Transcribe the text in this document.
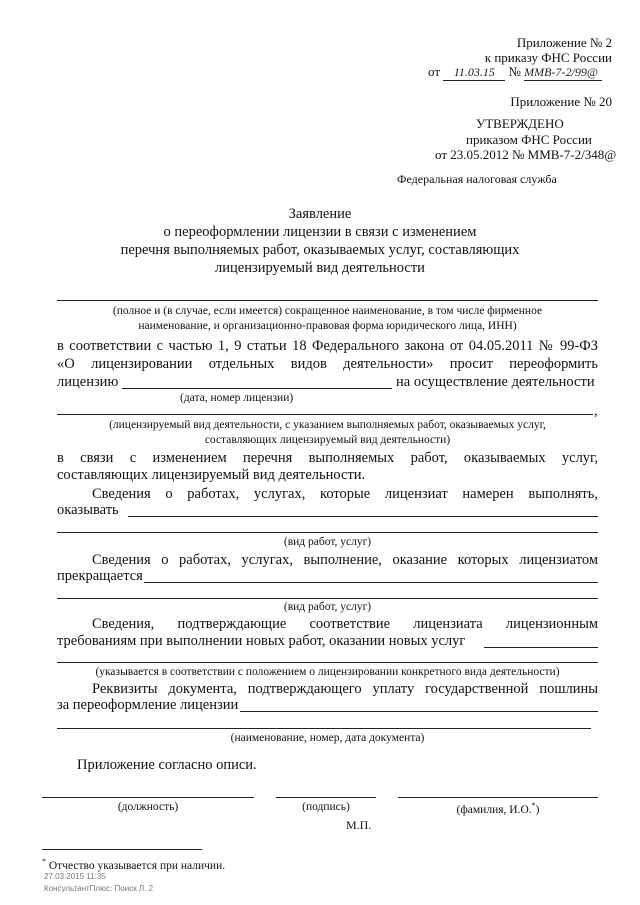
Приложение № 2
к приказу ФНС России
от 11.03.15 № ММВ-7-2/99@
Приложение № 20
УТВЕРЖДЕНО
приказом ФНС России
от 23.05.2012 № ММВ-7-2/348@
Федеральная налоговая служба
Заявление
о переоформлении лицензии в связи с изменением
перечня выполняемых работ, оказываемых услуг, составляющих
лицензируемый вид деятельности
(полное и (в случае, если имеется) сокращенное наименование, в том числе фирменное
наименование, и организационно-правовая форма юридического лица, ИНН)
в соответствии с частью 1, 9 статьи 18 Федерального закона от 04.05.2011 № 99-ФЗ
«О лицензировании отдельных видов деятельности» просит переоформить
лицензию	на осуществление деятельности
(дата, номер лицензии)
,
(лицензируемый вид деятельности, с указанием выполняемых работ, оказываемых услуг,
составляющих лицензируемый вид деятельности)
в связи с изменением перечня выполняемых работ, оказываемых услуг,
составляющих лицензируемый вид деятельности.
Сведения о работах, услугах, которые лицензиат намерен выполнять,
оказывать
(вид работ, услуг)
Сведения о работах, услугах, выполнение, оказание которых лицензиатом
прекращается
(вид работ, услуг)
Сведения, подтверждающие соответствие лицензиата лицензионным
требованиям при выполнении новых работ, оказании новых услуг
(указывается в соответствии с положением о лицензировании конкретного вида деятельности)
Реквизиты документа, подтверждающего уплату государственной пошлины
за переоформление лицензии
(наименование, номер, дата документа)
Приложение согласно описи.
(должность)	(подпись)	(фамилия, И.О.*)
М.П.
* Отчество указывается при наличии.
27.03.2015 11:35
КонсультантПлюс: Поиск Л. 2
